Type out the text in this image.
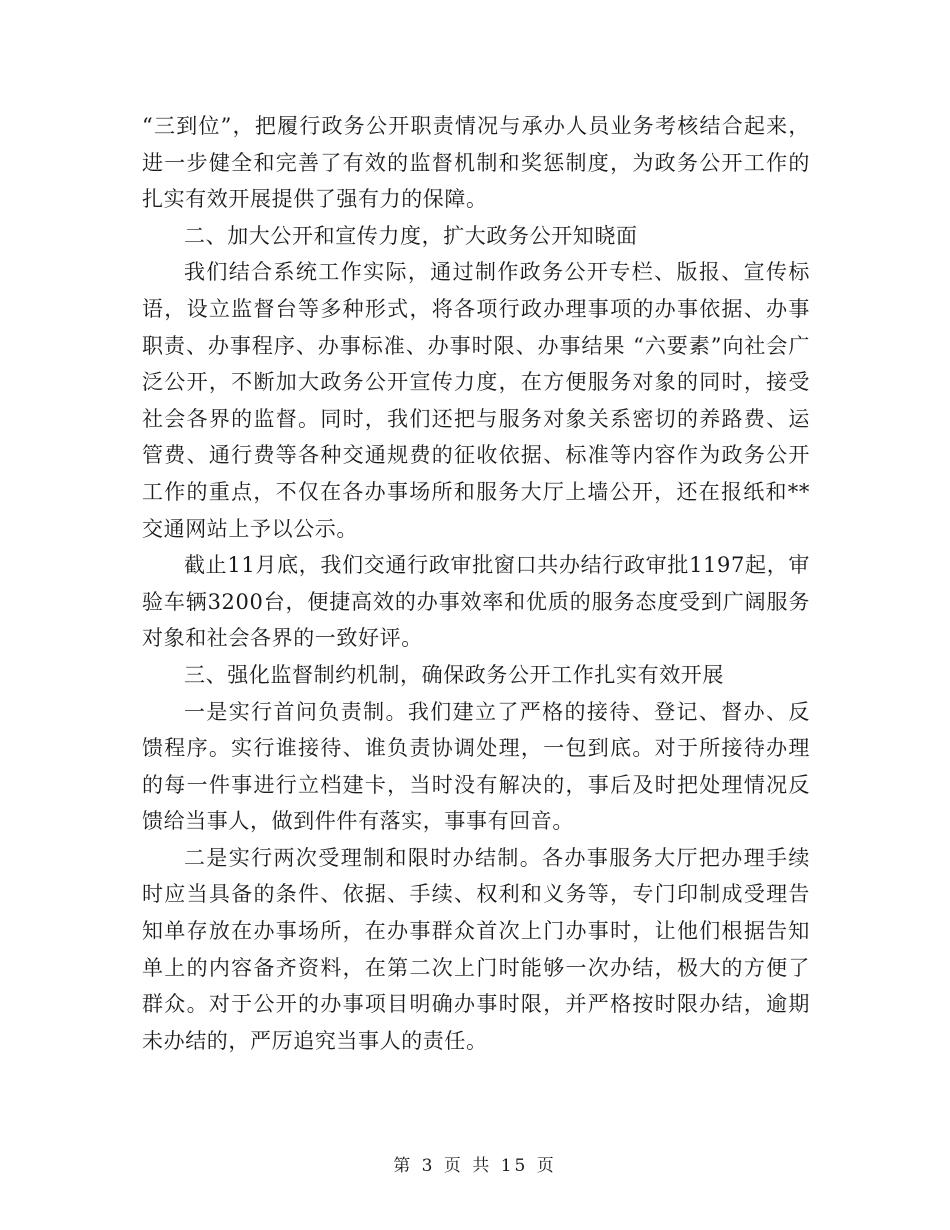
“三到位”，把履行政务公开职责情况与承办人员业务考核结合起来，进一步健全和完善了有效的监督机制和奖惩制度，为政务公开工作的扎实有效开展提供了强有力的保障。

二、加大公开和宣传力度，扩大政务公开知晓面

我们结合系统工作实际，通过制作政务公开专栏、版报、宣传标语，设立监督台等多种形式，将各项行政办理事项的办事依据、办事职责、办事程序、办事标准、办事时限、办事结果 “六要素”向社会广泛公开，不断加大政务公开宣传力度，在方便服务对象的同时，接受社会各界的监督。同时，我们还把与服务对象关系密切的养路费、运管费、通行费等各种交通规费的征收依据、标准等内容作为政务公开工作的重点，不仅在各办事场所和服务大厅上墙公开，还在报纸和**交通网站上予以公示。

截止11月底，我们交通行政审批窗口共办结行政审批1197起，审验车辆3200台，便捷高效的办事效率和优质的服务态度受到广阔服务对象和社会各界的一致好评。

三、强化监督制约机制，确保政务公开工作扎实有效开展

一是实行首问负责制。我们建立了严格的接待、登记、督办、反馈程序。实行谁接待、谁负责协调处理，一包到底。对于所接待办理的每一件事进行立档建卡，当时没有解决的，事后及时把处理情况反馈给当事人，做到件件有落实，事事有回音。

二是实行两次受理制和限时办结制。各办事服务大厅把办理手续时应当具备的条件、依据、手续、权利和义务等，专门印制成受理告知单存放在办事场所，在办事群众首次上门办事时，让他们根据告知单上的内容备齐资料，在第二次上门时能够一次办结，极大的方便了群众。对于公开的办事项目明确办事时限，并严格按时限办结，逾期未办结的，严厉追究当事人的责任。

第 3 页 共 15 页
